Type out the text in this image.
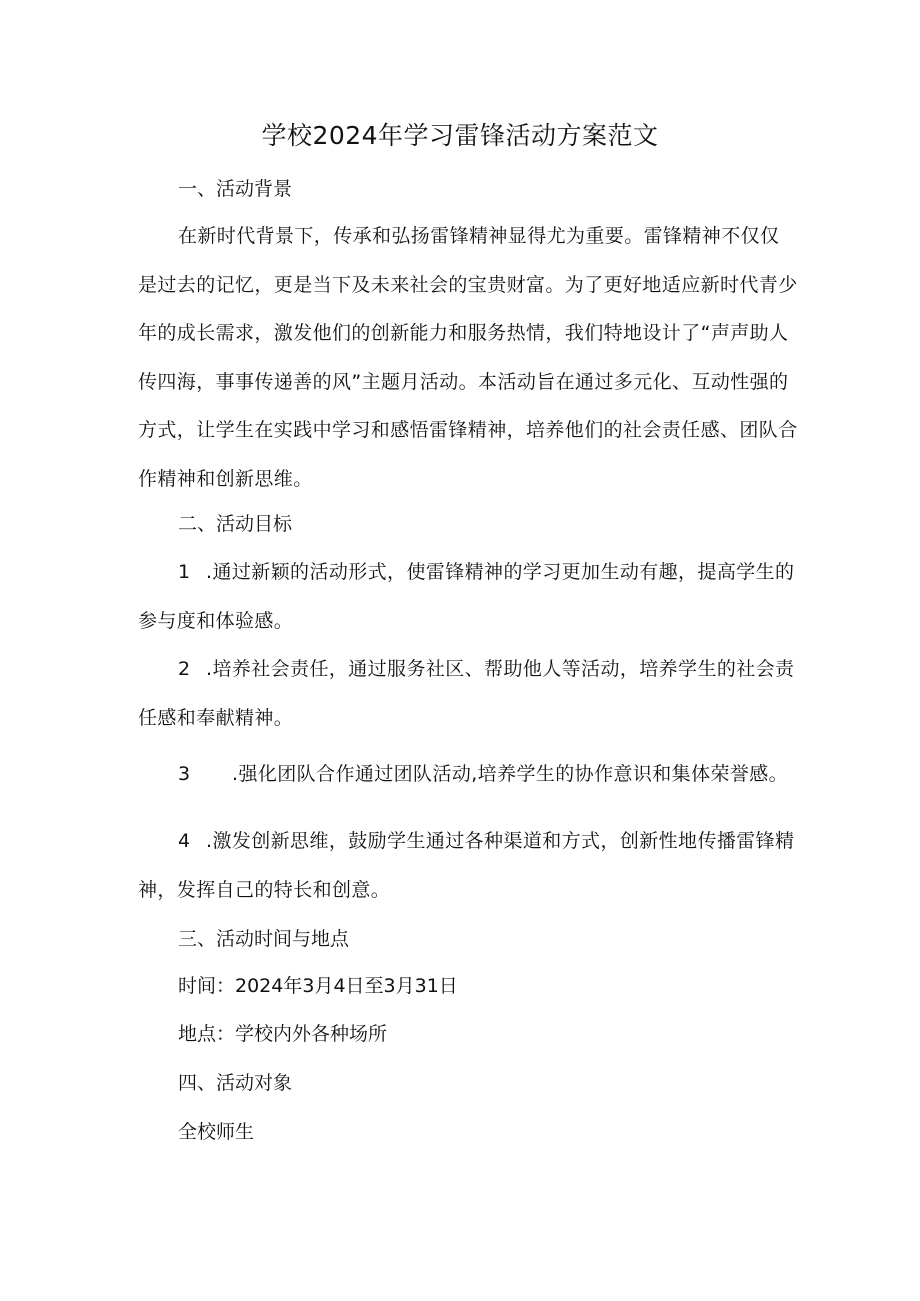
学校2024年学习雷锋活动方案范文

一、活动背景

在新时代背景下，传承和弘扬雷锋精神显得尤为重要。雷锋精神不仅仅是过去的记忆，更是当下及未来社会的宝贵财富。为了更好地适应新时代青少年的成长需求，激发他们的创新能力和服务热情，我们特地设计了“声声助人传四海，事事传递善的风”主题月活动。本活动旨在通过多元化、互动性强的方式，让学生在实践中学习和感悟雷锋精神，培养他们的社会责任感、团队合作精神和创新思维。

二、活动目标

1 .通过新颖的活动形式，使雷锋精神的学习更加生动有趣，提高学生的参与度和体验感。

2 .培养社会责任，通过服务社区、帮助他人等活动，培养学生的社会责任感和奉献精神。

3 .强化团队合作通过团队活动,培养学生的协作意识和集体荣誉感。

4 .激发创新思维，鼓励学生通过各种渠道和方式，创新性地传播雷锋精神，发挥自己的特长和创意。

三、活动时间与地点

时间：2024年3月4日至3月31日

地点：学校内外各种场所

四、活动对象

全校师生
